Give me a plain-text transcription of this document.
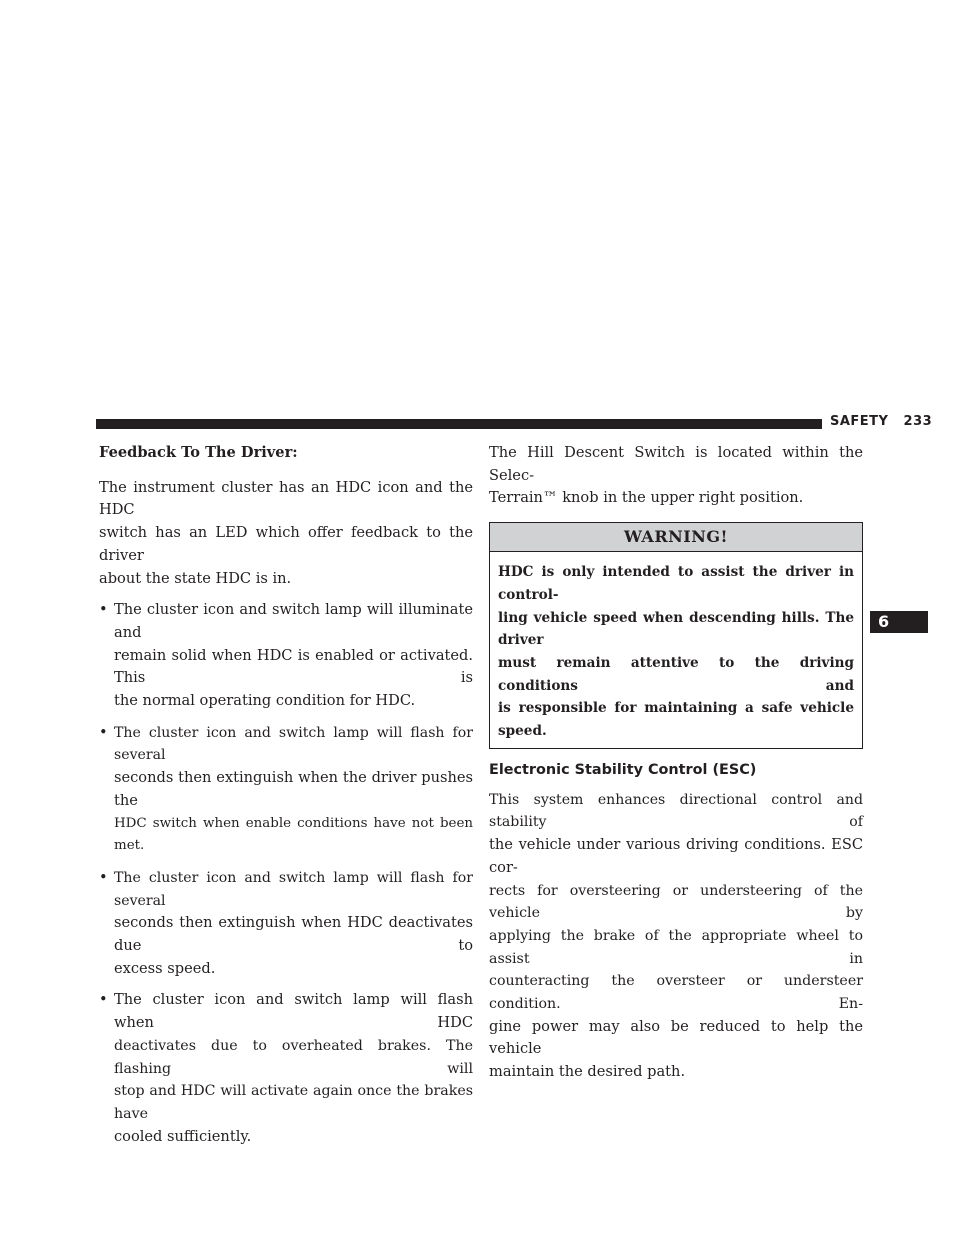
SAFETY 233
6

Feedback To The Driver:

The instrument cluster has an HDC icon and the HDC

switch has an LED which offer feedback to the driver

about the state HDC is in.

• The cluster icon and switch lamp will illuminate and

remain solid when HDC is enabled or activated. This is

the normal operating condition for HDC.

• The cluster icon and switch lamp will flash for several

seconds then extinguish when the driver pushes the

HDC switch when enable conditions have not been met.

• The cluster icon and switch lamp will flash for several

seconds then extinguish when HDC deactivates due to

excess speed.

• The cluster icon and switch lamp will flash when HDC

deactivates due to overheated brakes. The flashing will

stop and HDC will activate again once the brakes have

cooled sufficiently.

The Hill Descent Switch is located within the Selec-

Terrain™ knob in the upper right position.

WARNING!

HDC is only intended to assist the driver in control-

ling vehicle speed when descending hills. The driver

must remain attentive to the driving conditions and

is responsible for maintaining a safe vehicle speed.

Electronic Stability Control (ESC)

This system enhances directional control and stability of

the vehicle under various driving conditions. ESC cor-

rects for oversteering or understeering of the vehicle by

applying the brake of the appropriate wheel to assist in

counteracting the oversteer or understeer condition. En-

gine power may also be reduced to help the vehicle

maintain the desired path.
